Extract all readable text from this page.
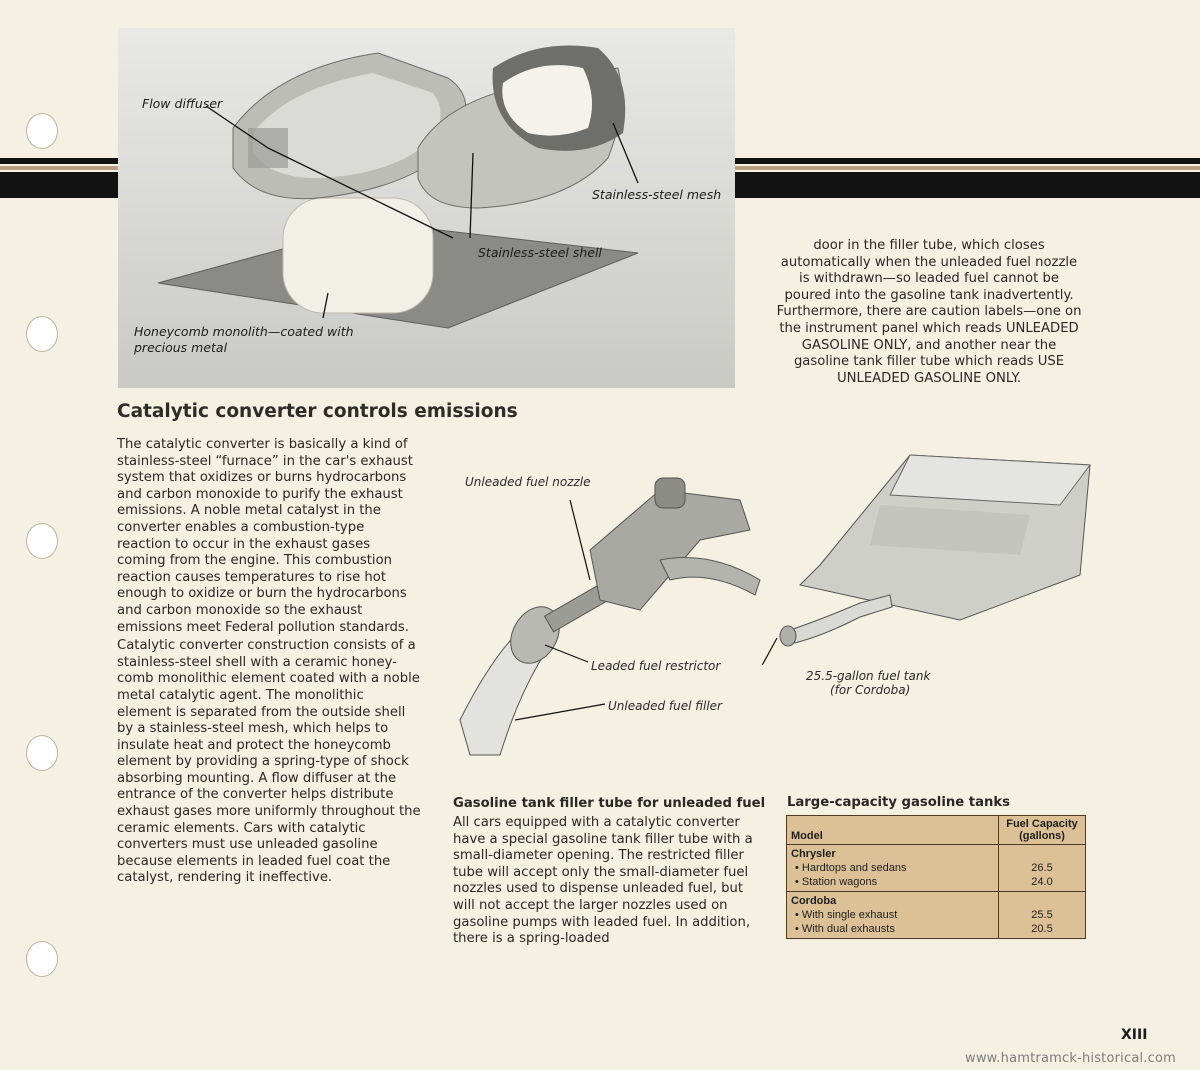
Flow diffuser
Stainless-steel mesh
Stainless-steel shell
Honeycomb monolith—coated with
precious metal
Catalytic converter controls emissions

The catalytic converter is basically a kind of stainless-steel “furnace” in the car's exhaust system that oxidizes or burns hydrocarbons and carbon monoxide to purify the exhaust emissions. A noble metal catalyst in the converter enables a combustion-type reaction to occur in the exhaust gases coming from the engine. This combustion reaction causes temperatures to rise hot enough to oxidize or burn the hydrocarbons and carbon monoxide so the exhaust emissions meet Federal pollution standards.

Catalytic converter construction consists of a stainless-steel shell with a ceramic honey-comb monolithic element coated with a noble metal catalytic agent. The monolithic element is separated from the outside shell by a stainless-steel mesh, which helps to insulate heat and protect the honeycomb element by providing a spring-type of shock absorbing mounting. A flow diffuser at the entrance of the converter helps distribute exhaust gases more uniformly throughout the ceramic elements. Cars with catalytic converters must use unleaded gasoline because elements in leaded fuel coat the catalyst, rendering it ineffective.

door in the filler tube, which closes automatically when the unleaded fuel nozzle is withdrawn—so leaded fuel cannot be poured into the gasoline tank inadvertently.

Furthermore, there are caution labels—one on the instrument panel which reads UNLEADED GASOLINE ONLY, and another near the gasoline tank filler tube which reads USE UNLEADED GASOLINE ONLY.

Unleaded fuel nozzle
Leaded fuel restrictor
Unleaded fuel filler
25.5-gallon fuel tank
(for Cordoba)
Gasoline tank filler tube for unleaded fuel

All cars equipped with a catalytic converter have a special gasoline tank filler tube with a small-diameter opening. The restricted filler tube will accept only the small-diameter fuel nozzles used to dispense unleaded fuel, but will not accept the larger nozzles used on gasoline pumps with leaded fuel. In addition, there is a spring-loaded

Large-capacity gasoline tanks
Model	Fuel Capacity
(gallons)
Chrysler	

• Hardtops and sedans	26.5

• Station wagons	24.0
Cordoba	

• With single exhaust	25.5

• With dual exhausts	20.5
XIII
www.hamtramck-historical.com
